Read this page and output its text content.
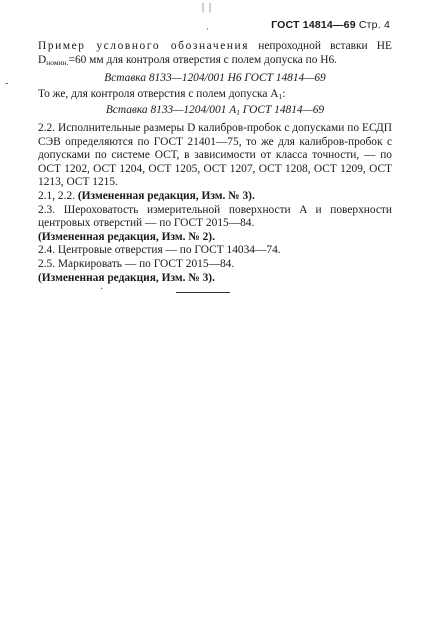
|  |
·	ГОСТ 14814—69 Стр. 4

Пример условного обозначения непроходной вставки НЕ $D_{номин.}=60$ мм для контроля отверстия с полем допуска по H6.

Вставка 8133—1204/001 H6 ГОСТ 14814—69

То же, для контроля отверстия с полем допуска $A_1$:

Вставка 8133—1204/001 $A_1$ ГОСТ 14814—69

2.2. Исполнительные размеры D калибров-пробок с допусками по ЕСДП СЭВ определяются по ГОСТ 21401—75, то же для калибров-пробок с допусками по системе ОСТ, в зависимости от класса точности, — по ОСТ 1202, ОСТ 1204, ОСТ 1205, ОСТ 1207, ОСТ 1208, ОСТ 1209, ОСТ 1213, ОСТ 1215.

2.1, 2.2. (Измененная редакция, Изм. № 3).

2.3. Шероховатость измерительной поверхности A и поверхности центровых отверстий — по ГОСТ 2015—84.

(Измененная редакция, Изм. № 2).

2.4. Центровые отверстия — по ГОСТ 14034—74.

2.5. Маркировать — по ГОСТ 2015—84.

(Измененная редакция, Изм. № 3).

·
-
